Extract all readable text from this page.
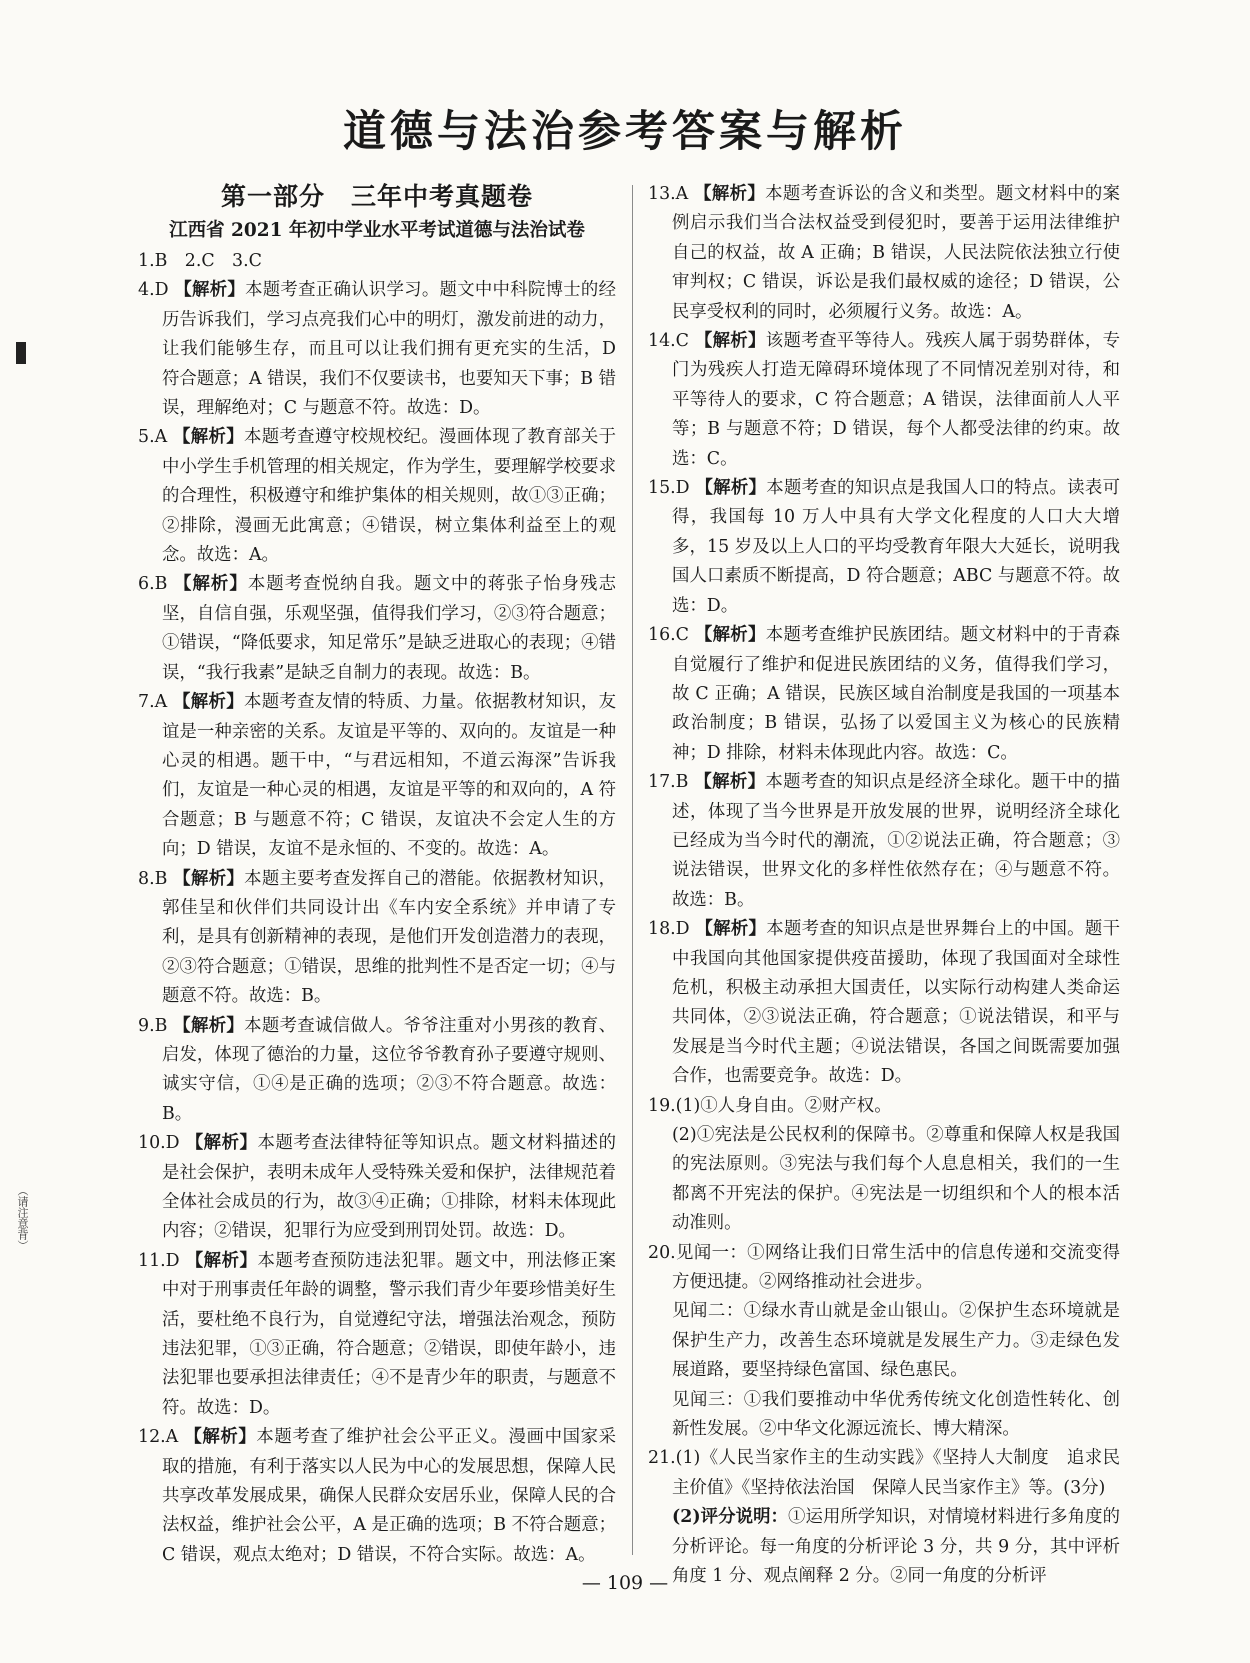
道德与法治参考答案与解析
（请注意背）
第一部分　三年中考真题卷
江西省 2021 年初中学业水平考试道德与法治试卷

1.B　2.C　3.C

4.D 【解析】本题考查正确认识学习。题文中中科院博士的经历告诉我们，学习点亮我们心中的明灯，激发前进的动力，让我们能够生存，而且可以让我们拥有更充实的生活，D 符合题意；A 错误，我们不仅要读书，也要知天下事；B 错误，理解绝对；C 与题意不符。故选：D。

5.A 【解析】本题考查遵守校规校纪。漫画体现了教育部关于中小学生手机管理的相关规定，作为学生，要理解学校要求的合理性，积极遵守和维护集体的相关规则，故①③正确；②排除，漫画无此寓意；④错误，树立集体利益至上的观念。故选：A。

6.B 【解析】本题考查悦纳自我。题文中的蒋张子怡身残志坚，自信自强，乐观坚强，值得我们学习，②③符合题意；①错误，“降低要求，知足常乐”是缺乏进取心的表现；④错误，“我行我素”是缺乏自制力的表现。故选：B。

7.A 【解析】本题考查友情的特质、力量。依据教材知识，友谊是一种亲密的关系。友谊是平等的、双向的。友谊是一种心灵的相遇。题干中，“与君远相知，不道云海深”告诉我们，友谊是一种心灵的相遇，友谊是平等的和双向的，A 符合题意；B 与题意不符；C 错误，友谊决不会定人生的方向；D 错误，友谊不是永恒的、不变的。故选：A。

8.B 【解析】本题主要考查发挥自己的潜能。依据教材知识，郭佳呈和伙伴们共同设计出《车内安全系统》并申请了专利，是具有创新精神的表现，是他们开发创造潜力的表现，②③符合题意；①错误，思维的批判性不是否定一切；④与题意不符。故选：B。

9.B 【解析】本题考查诚信做人。爷爷注重对小男孩的教育、启发，体现了德治的力量，这位爷爷教育孙子要遵守规则、诚实守信，①④是正确的选项；②③不符合题意。故选：B。

10.D 【解析】本题考查法律特征等知识点。题文材料描述的是社会保护，表明未成年人受特殊关爱和保护，法律规范着全体社会成员的行为，故③④正确；①排除，材料未体现此内容；②错误，犯罪行为应受到刑罚处罚。故选：D。

11.D 【解析】本题考查预防违法犯罪。题文中，刑法修正案中对于刑事责任年龄的调整，警示我们青少年要珍惜美好生活，要杜绝不良行为，自觉遵纪守法，增强法治观念，预防违法犯罪，①③正确，符合题意；②错误，即使年龄小，违法犯罪也要承担法律责任；④不是青少年的职责，与题意不符。故选：D。

12.A 【解析】本题考查了维护社会公平正义。漫画中国家采取的措施，有利于落实以人民为中心的发展思想，保障人民共享改革发展成果，确保人民群众安居乐业，保障人民的合法权益，维护社会公平，A 是正确的选项；B 不符合题意；C 错误，观点太绝对；D 错误，不符合实际。故选：A。

13.A 【解析】本题考查诉讼的含义和类型。题文材料中的案例启示我们当合法权益受到侵犯时，要善于运用法律维护自己的权益，故 A 正确；B 错误，人民法院依法独立行使审判权；C 错误，诉讼是我们最权威的途径；D 错误，公民享受权利的同时，必须履行义务。故选：A。

14.C 【解析】该题考查平等待人。残疾人属于弱势群体，专门为残疾人打造无障碍环境体现了不同情况差别对待，和平等待人的要求，C 符合题意；A 错误，法律面前人人平等；B 与题意不符；D 错误，每个人都受法律的约束。故选：C。

15.D 【解析】本题考查的知识点是我国人口的特点。读表可得，我国每 10 万人中具有大学文化程度的人口大大增多，15 岁及以上人口的平均受教育年限大大延长，说明我国人口素质不断提高，D 符合题意；ABC 与题意不符。故选：D。

16.C 【解析】本题考查维护民族团结。题文材料中的于青森自觉履行了维护和促进民族团结的义务，值得我们学习，故 C 正确；A 错误，民族区域自治制度是我国的一项基本政治制度；B 错误，弘扬了以爱国主义为核心的民族精神；D 排除，材料未体现此内容。故选：C。

17.B 【解析】本题考查的知识点是经济全球化。题干中的描述，体现了当今世界是开放发展的世界，说明经济全球化已经成为当今时代的潮流，①②说法正确，符合题意；③说法错误，世界文化的多样性依然存在；④与题意不符。故选：B。

18.D 【解析】本题考查的知识点是世界舞台上的中国。题干中我国向其他国家提供疫苗援助，体现了我国面对全球性危机，积极主动承担大国责任，以实际行动构建人类命运共同体，②③说法正确，符合题意；①说法错误，和平与发展是当今时代主题；④说法错误，各国之间既需要加强合作，也需要竞争。故选：D。

19.(1)①人身自由。②财产权。

(2)①宪法是公民权利的保障书。②尊重和保障人权是我国的宪法原则。③宪法与我们每个人息息相关，我们的一生都离不开宪法的保护。④宪法是一切组织和个人的根本活动准则。

20.见闻一：①网络让我们日常生活中的信息传递和交流变得方便迅捷。②网络推动社会进步。

见闻二：①绿水青山就是金山银山。②保护生态环境就是保护生产力，改善生态环境就是发展生产力。③走绿色发展道路，要坚持绿色富国、绿色惠民。

见闻三：①我们要推动中华优秀传统文化创造性转化、创新性发展。②中华文化源远流长、博大精深。

21.(1)《人民当家作主的生动实践》《坚持人大制度　追求民主价值》《坚持依法治国　保障人民当家作主》等。(3分)

(2)评分说明：①运用所学知识，对情境材料进行多角度的分析评论。每一角度的分析评论 3 分，共 9 分，其中评析角度 1 分、观点阐释 2 分。②同一角度的分析评

— 109 —
